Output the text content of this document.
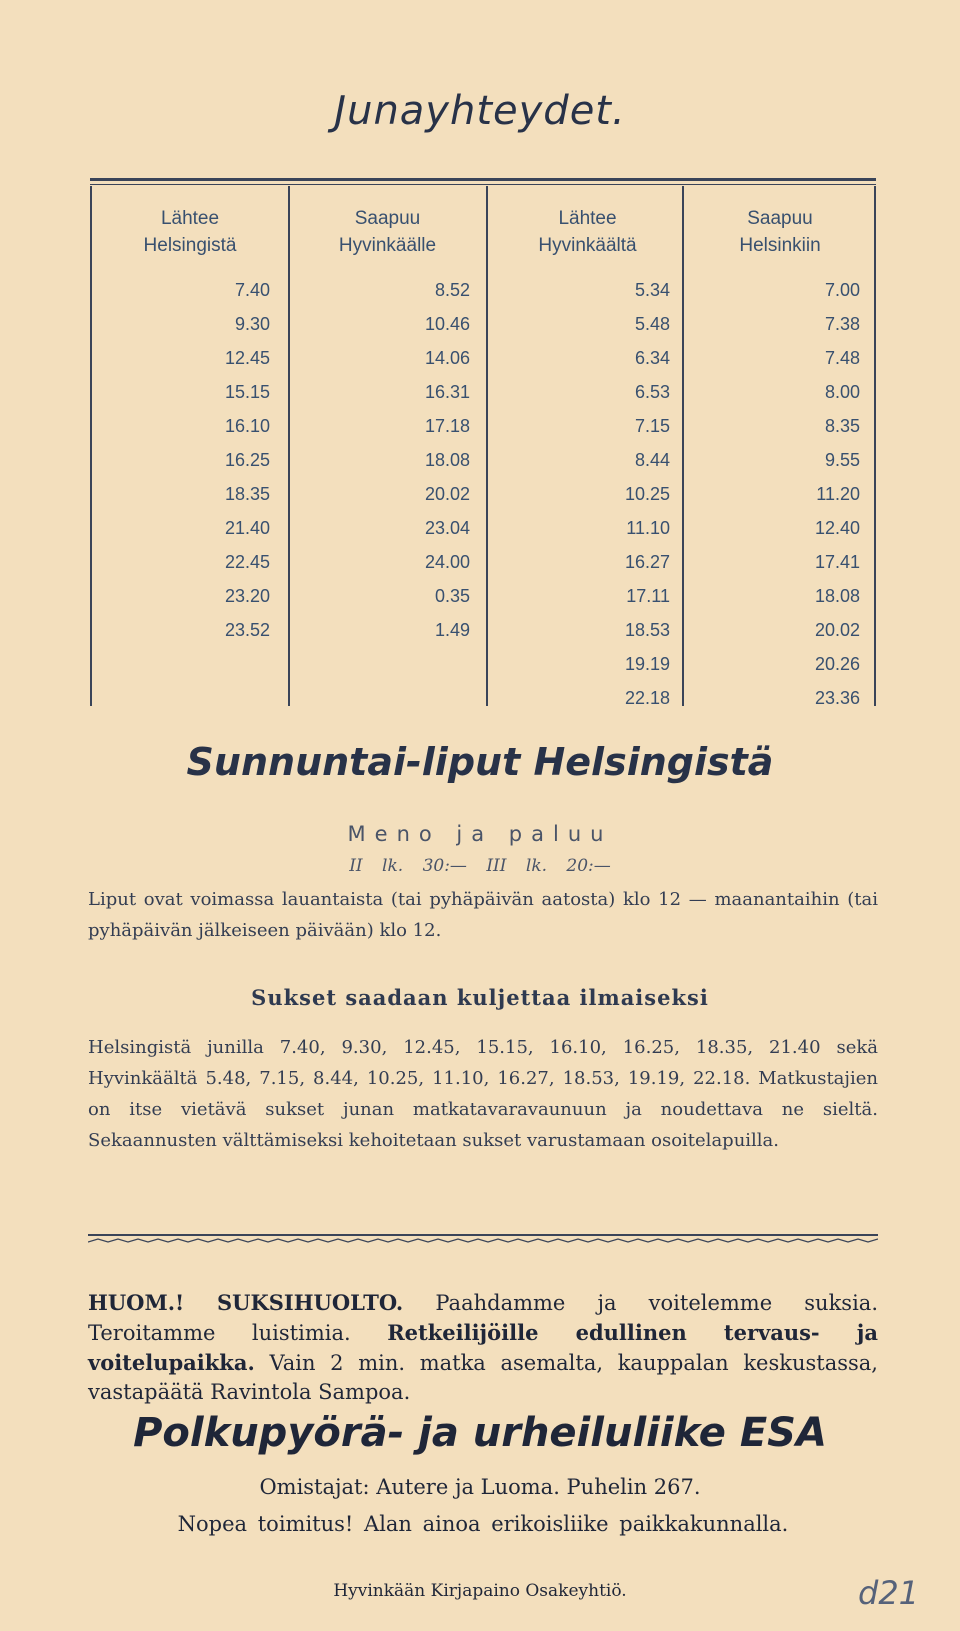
Junayhteydet.
Lähtee
Helsingistä
7.40
9.30
12.45
15.15
16.10
16.25
18.35
21.40
22.45
23.20
23.52
Saapuu
Hyvinkäälle
8.52
10.46
14.06
16.31
17.18
18.08
20.02
23.04
24.00
0.35
1.49
Lähtee
Hyvinkäältä
5.34
5.48
6.34
6.53
7.15
8.44
10.25
11.10
16.27
17.11
18.53
19.19
22.18
Saapuu
Helsinkiin
7.00
7.38
7.48
8.00
8.35
9.55
11.20
12.40
17.41
18.08
20.02
20.26
23.36
Sunnuntai-liput Helsingistä
Meno ja paluu
II lk. 30:— III lk. 20:—
Liput ovat voimassa lauantaista (tai pyhäpäivän aatosta) klo 12 — maanantaihin (tai pyhäpäivän jälkeiseen päivään) klo 12.
Sukset saadaan kuljettaa ilmaiseksi
Helsingistä junilla 7.40, 9.30, 12.45, 15.15, 16.10, 16.25, 18.35, 21.40 sekä Hyvinkäältä 5.48, 7.15, 8.44, 10.25, 11.10, 16.27, 18.53, 19.19, 22.18. Matkustajien on itse vietävä sukset junan matkatavaravaunuun ja noudettava ne sieltä. Sekaannusten välttämiseksi kehoitetaan sukset varustamaan osoitelapuilla.
HUOM.! SUKSIHUOLTO. Paahdamme ja voitelemme suksia. Teroitamme luistimia. Retkeilijöille edullinen tervaus- ja voitelupaikka. Vain 2 min. matka asemalta, kauppalan keskustassa, vastapäätä Ravintola Sampoa.
Polkupyörä- ja urheiluliike ESA
Omistajat: Autere ja Luoma. Puhelin 267.
Nopea toimitus! Alan ainoa erikoisliike paikkakunnalla.
Hyvinkään Kirjapaino Osakeyhtiö.	d21
